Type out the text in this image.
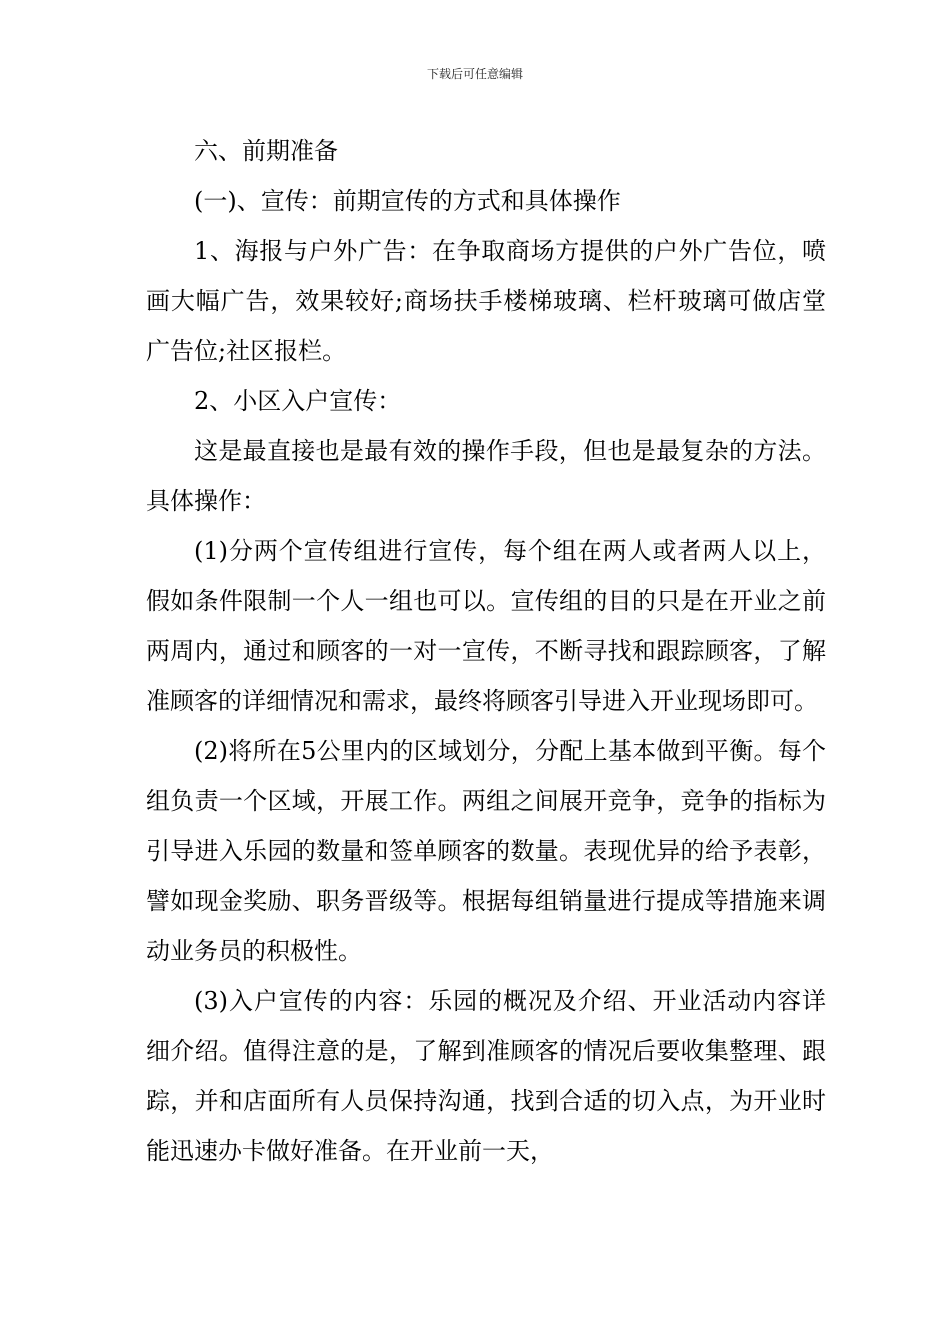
下载后可任意编辑

六、前期准备

(一)、宣传：前期宣传的方式和具体操作

1、海报与户外广告：在争取商场方提供的户外广告位，喷画大幅广告，效果较好;商场扶手楼梯玻璃、栏杆玻璃可做店堂广告位;社区报栏。

2、小区入户宣传：

这是最直接也是最有效的操作手段，但也是最复杂的方法。具体操作：

(1)分两个宣传组进行宣传，每个组在两人或者两人以上，假如条件限制一个人一组也可以。宣传组的目的只是在开业之前两周内，通过和顾客的一对一宣传，不断寻找和跟踪顾客，了解准顾客的详细情况和需求，最终将顾客引导进入开业现场即可。

(2)将所在5公里内的区域划分，分配上基本做到平衡。每个组负责一个区域，开展工作。两组之间展开竞争，竞争的指标为引导进入乐园的数量和签单顾客的数量。表现优异的给予表彰，譬如现金奖励、职务晋级等。根据每组销量进行提成等措施来调动业务员的积极性。

(3)入户宣传的内容：乐园的概况及介绍、开业活动内容详细介绍。值得注意的是，了解到准顾客的情况后要收集整理、跟踪，并和店面所有人员保持沟通，找到合适的切入点，为开业时能迅速办卡做好准备。在开业前一天，
